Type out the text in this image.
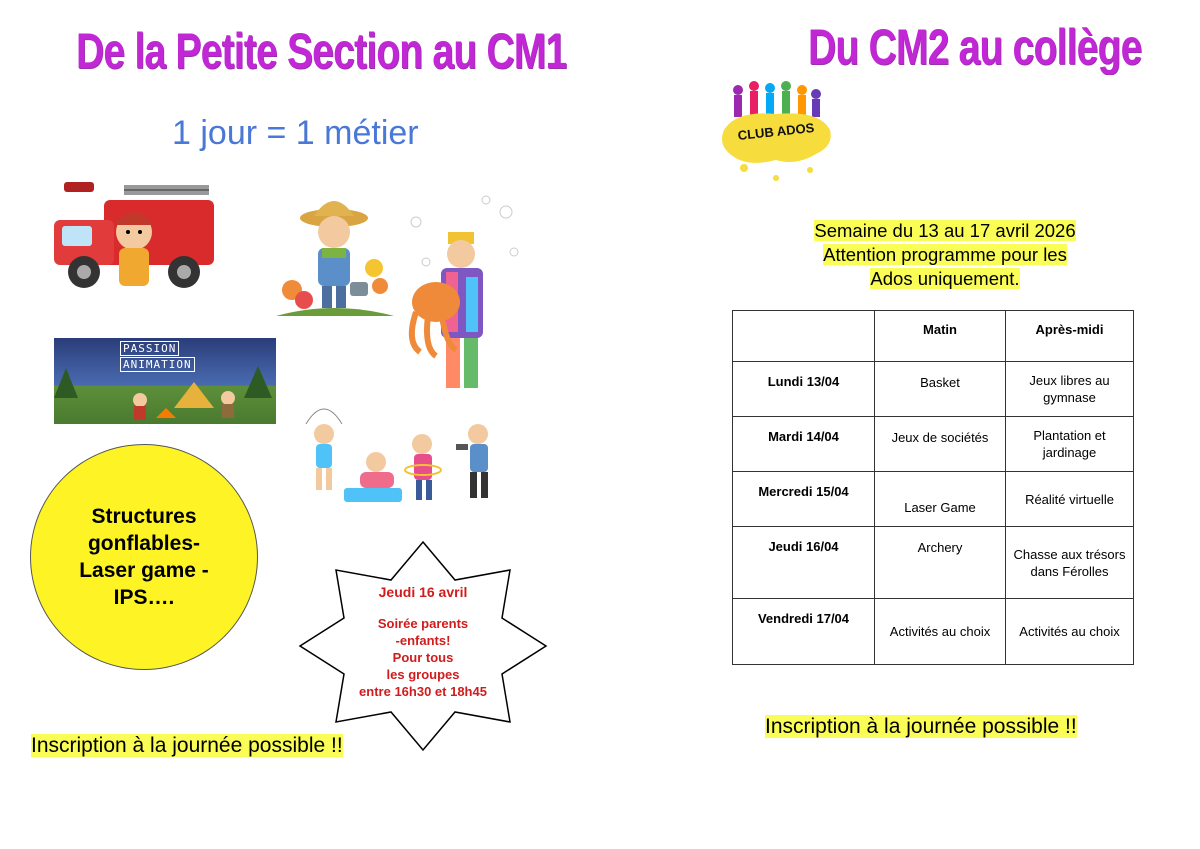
De la Petite Section au CM1
1 jour = 1 métier
PASSION
ANIMATION
Structures gonflables- Laser game - IPS….	Jeudi 16 avril
Soirée parents
-enfants!
Pour tous
les groupes
entre 16h30 et 18h45
Inscription à la journée possible !!
Du CM2 au collège
CLUB ADOS
Semaine du 13 au 17 avril 2026
Attention programme pour les
Ados uniquement.
	Matin	Après-midi
Lundi 13/04	Basket	Jeux libres au gymnase
Mardi 14/04	Jeux de sociétés	Plantation et jardinage
Mercredi 15/04	Laser Game	Réalité virtuelle
Jeudi 16/04	Archery	Chasse aux trésors dans Férolles
Vendredi 17/04	Activités au choix	Activités au choix
Inscription à la journée possible !!
